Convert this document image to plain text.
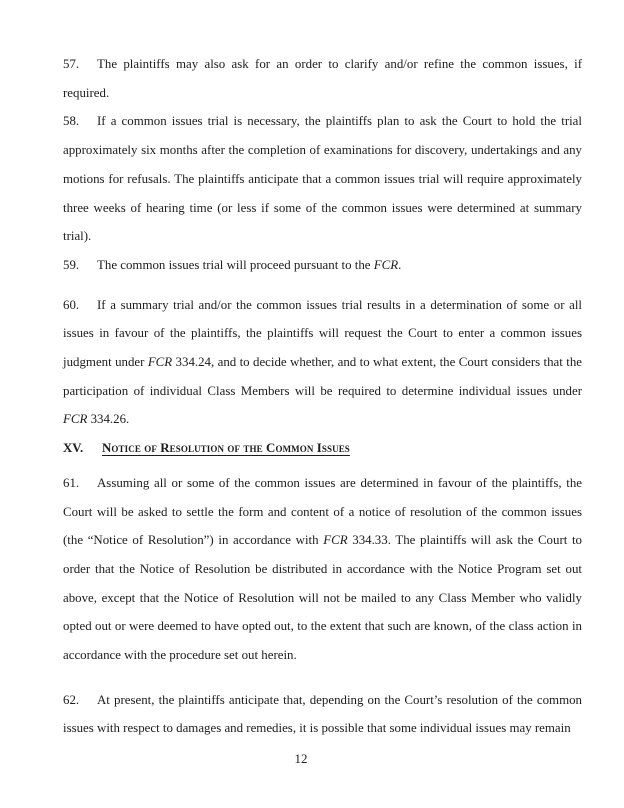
57. The plaintiffs may also ask for an order to clarify and/or refine the common issues, if required.

58. If a common issues trial is necessary, the plaintiffs plan to ask the Court to hold the trial approximately six months after the completion of examinations for discovery, undertakings and any motions for refusals. The plaintiffs anticipate that a common issues trial will require approximately three weeks of hearing time (or less if some of the common issues were determined at summary trial).

59. The common issues trial will proceed pursuant to the FCR.

60. If a summary trial and/or the common issues trial results in a determination of some or all issues in favour of the plaintiffs, the plaintiffs will request the Court to enter a common issues judgment under FCR 334.24, and to decide whether, and to what extent, the Court considers that the participation of individual Class Members will be required to determine individual issues under FCR 334.26.

XV. Notice of Resolution of the Common Issues

61. Assuming all or some of the common issues are determined in favour of the plaintiffs, the Court will be asked to settle the form and content of a notice of resolution of the common issues (the “Notice of Resolution”) in accordance with FCR 334.33. The plaintiffs will ask the Court to order that the Notice of Resolution be distributed in accordance with the Notice Program set out above, except that the Notice of Resolution will not be mailed to any Class Member who validly opted out or were deemed to have opted out, to the extent that such are known, of the class action in accordance with the procedure set out herein.

62. At present, the plaintiffs anticipate that, depending on the Court’s resolution of the common issues with respect to damages and remedies, it is possible that some individual issues may remain

12
